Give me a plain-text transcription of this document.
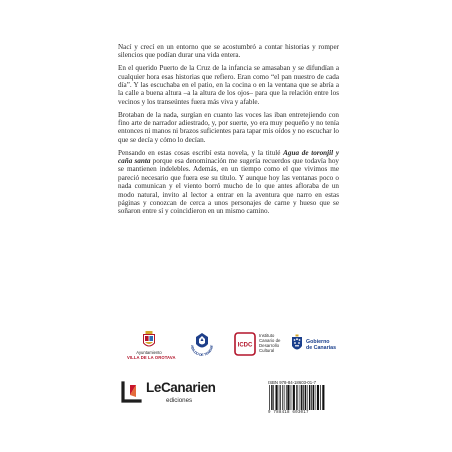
Nací y crecí en un entorno que se acostumbró a contar historias y romper silencios que podían durar una vida entera.

En el querido Puerto de la Cruz de la infancia se amasaban y se difundían a cualquier hora esas historias que refiero. Eran como “el pan nuestro de cada día”. Y las escuchaba en el patio, en la cocina o en la ventana que se abría a la calle a buena altura –a la altura de los ojos– para que la relación entre los vecinos y los transeúntes fuera más viva y afable.

Brotaban de la nada, surgían en cuanto las voces las iban entretejiendo con fino arte de narrador adiestrado, y, por suerte, yo era muy pequeño y no tenía entonces ni manos ni brazos suficientes para tapar mis oídos y no escuchar lo que se decía y cómo lo decían.

Pensando en estas cosas escribí esta novela, y la titulé Agua de toronjil y caña santa porque esa denominación me sugería recuerdos que todavía hoy se mantienen indelebles. Además, en un tiempo como el que vivimos me pareció necesario que fuera ese su título. Y aunque hoy las ventanas poco o nada comunican y el viento borró mucho de lo que antes afloraba de un modo natural, invito al lector a entrar en la aventura que narro en estas páginas y conozcan de cerca a unos personajes de carne y hueso que se soñaron entre sí y coincidieron en un mismo camino.

Ayuntamiento
VILLA DE LA OROTAVA
ABILDO DE TENERIF	ICDC
Instituto
Canario de
Desarrollo
Cultural
Gobierno
de Canarias
LeCanarien
ediciones
ISBN 978-84-18603-01-7
9 788418 603017
